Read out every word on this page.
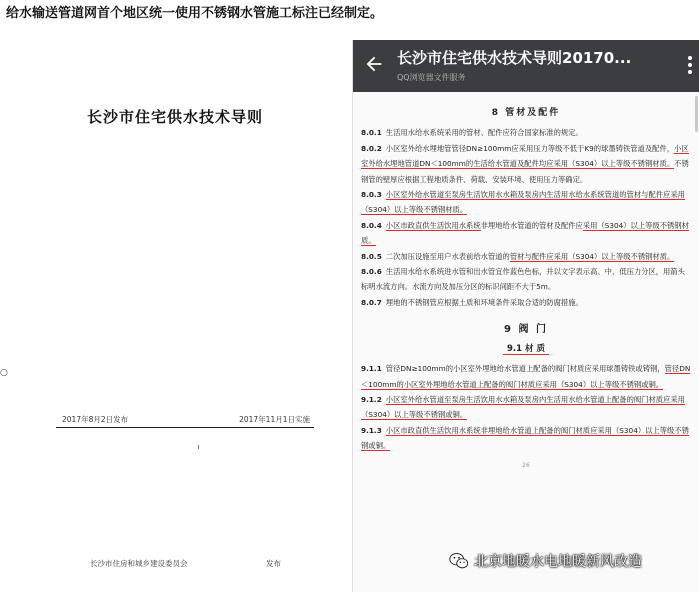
给水输送管道网首个地区统一使用不锈钢水管施工标注已经制定。
○
长沙市住宅供水技术导则
2017年8月2日发布	2017年11月1日实施
长沙市住房和城乡建设委员会	发布
长沙市住宅供水技术导则20170...
QQ浏览器文件服务
8 管材及配件

8.0.1 生活用水给水系统采用的管材、配件应符合国家标准的规定。

8.0.2 小区室外给水埋地管管径DN≥100mm应采用压力等级不低于K9的球墨铸铁管道及配件，小区室外给水埋地管道DN＜100mm的生活给水管道及配件均应采用（S304）以上等级不锈钢材质。不锈钢管的壁厚应根据工程地质条件、荷载、安装环境、使用压力等确定。

8.0.3 小区室外给水管道至泵房生活饮用水水箱及泵房内生活用水给水系统管道的管材与配件应采用（S304）以上等级不锈钢材质。

8.0.4 小区市政直供生活饮用水系统非埋地给水管道的管材及配件应采用（S304）以上等级不锈钢材质。

8.0.5 二次加压设施至用户水表前给水管道的管材与配件应采用（S304）以上等级不锈钢材质。

8.0.6 生活用水给水系统进水管和出水管宜作蓝色色标，并以文字表示高、中、低压力分区，用箭头标明水流方向。水流方向及加压分区的标识间距不大于5m。

8.0.7 埋地的不锈钢管应根据土质和环境条件采取合适的防腐措施。

9 阀 门
9.1 材 质

9.1.1 管径DN≥100mm的小区室外埋地给水管道上配备的阀门材质应采用球墨铸铁或铸钢，管径DN＜100mm的小区室外埋地给水管道上配备的阀门材质应采用（S304）以上等级不锈钢或铜。

9.1.2 小区室外给水管道至泵房生活饮用水水箱及泵房内生活用水给水管道上配备的阀门材质应采用（S304）以上等级不锈钢或铜。

9.1.3 小区市政直供生活饮用水系统非埋地给水管道上配备的阀门材质应采用（S304）以上等级不锈钢或铜。

26
北京地暖水电地暖新风改造
